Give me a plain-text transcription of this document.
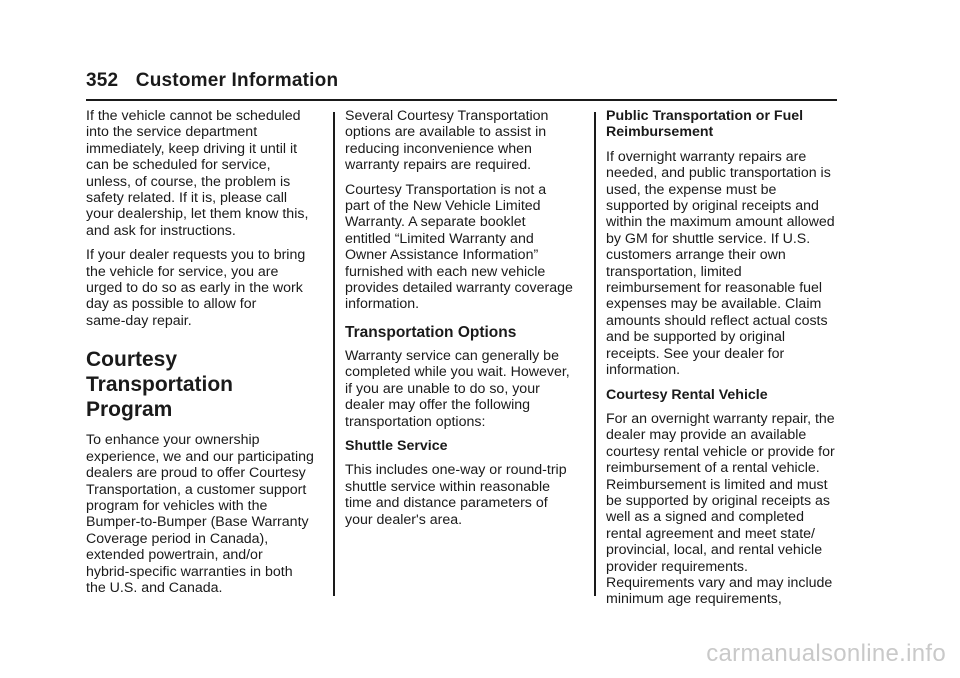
352 Customer Information

If the vehicle cannot be scheduled
into the service department
immediately, keep driving it until it
can be scheduled for service,
unless, of course, the problem is
safety related. If it is, please call
your dealership, let them know this,
and ask for instructions.

If your dealer requests you to bring
the vehicle for service, you are
urged to do so as early in the work
day as possible to allow for
same-day repair.

Courtesy Transportation
Program

To enhance your ownership
experience, we and our participating
dealers are proud to offer Courtesy
Transportation, a customer support
program for vehicles with the
Bumper-to-Bumper (Base Warranty
Coverage period in Canada),
extended powertrain, and/or
hybrid-specific warranties in both
the U.S. and Canada.

Several Courtesy Transportation
options are available to assist in
reducing inconvenience when
warranty repairs are required.

Courtesy Transportation is not a
part of the New Vehicle Limited
Warranty. A separate booklet
entitled “Limited Warranty and
Owner Assistance Information”
furnished with each new vehicle
provides detailed warranty coverage
information.

Transportation Options

Warranty service can generally be
completed while you wait. However,
if you are unable to do so, your
dealer may offer the following
transportation options:

Shuttle Service

This includes one-way or round-trip
shuttle service within reasonable
time and distance parameters of
your dealer's area.

Public Transportation or Fuel
Reimbursement

If overnight warranty repairs are
needed, and public transportation is
used, the expense must be
supported by original receipts and
within the maximum amount allowed
by GM for shuttle service. If U.S.
customers arrange their own
transportation, limited
reimbursement for reasonable fuel
expenses may be available. Claim
amounts should reflect actual costs
and be supported by original
receipts. See your dealer for
information.

Courtesy Rental Vehicle

For an overnight warranty repair, the
dealer may provide an available
courtesy rental vehicle or provide for
reimbursement of a rental vehicle.
Reimbursement is limited and must
be supported by original receipts as
well as a signed and completed
rental agreement and meet state/
provincial, local, and rental vehicle
provider requirements.
Requirements vary and may include
minimum age requirements,

carmanualsonline.info
